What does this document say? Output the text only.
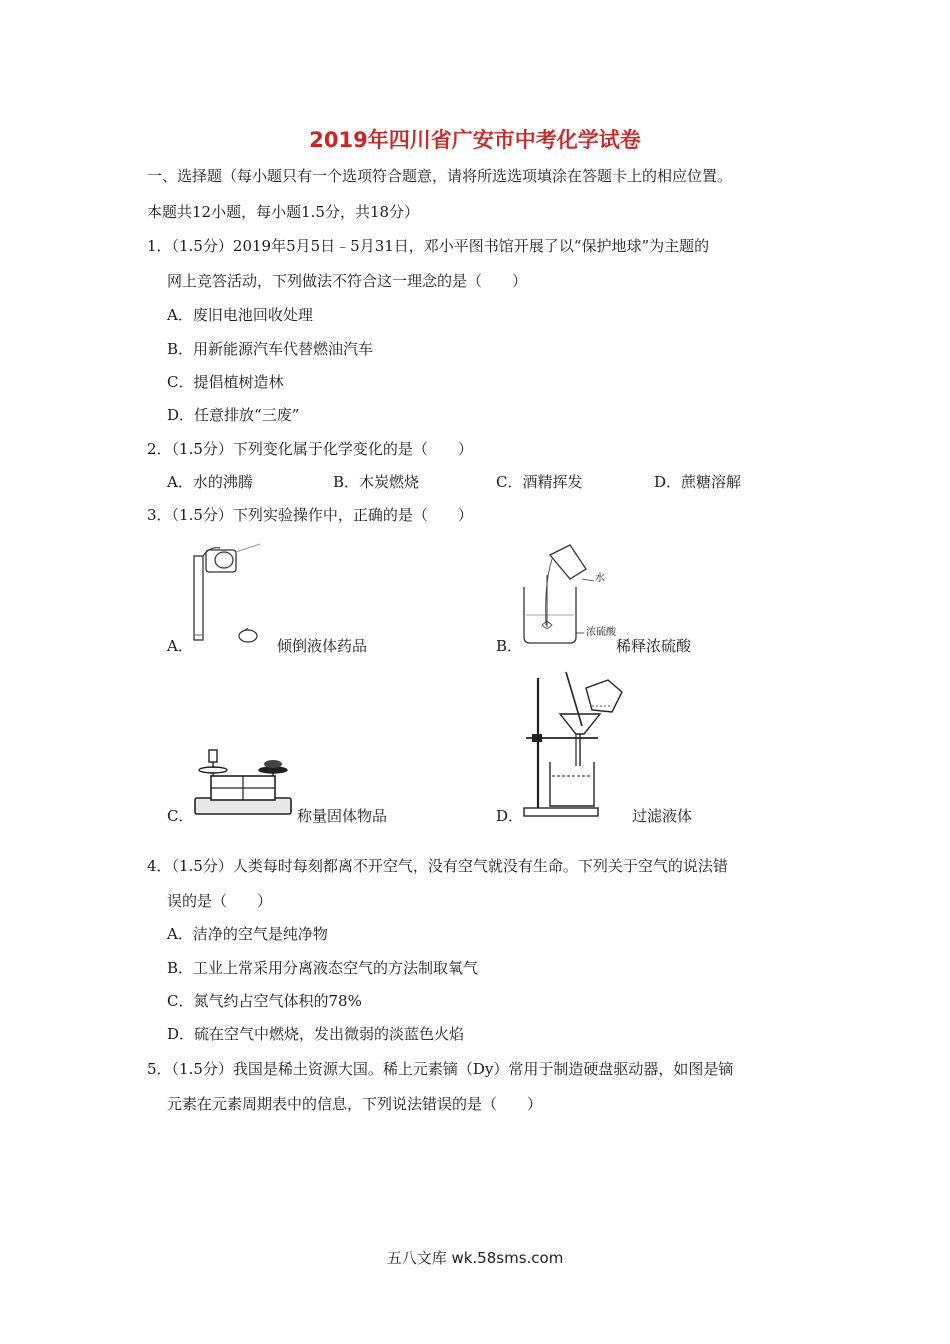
2019年四川省广安市中考化学试卷
一、选择题（每小题只有一个选项符合题意，请将所选选项填涂在答题卡上的相应位置。
本题共12小题，每小题1.5分，共18分）
1．（1.5分）2019年5月5日﹣5月31日，邓小平图书馆开展了以“保护地球”为主题的
网上竞答活动，下列做法不符合这一理念的是（　　）
A．废旧电池回收处理
B．用新能源汽车代替燃油汽车
C．提倡植树造林
D．任意排放“三废”
2．（1.5分）下列变化属于化学变化的是（　　）
A．水的沸腾	B．木炭燃烧	C．酒精挥发	D．蔗糖溶解
3．（1.5分）下列实验操作中，正确的是（　　）
A．	倾倒液体药品
水
浓硫酸
B．	稀释浓硫酸
C．	称量固体物品	D．	过滤液体
4．（1.5分）人类每时每刻都离不开空气，没有空气就没有生命。下列关于空气的说法错
误的是（　　）
A．洁净的空气是纯净物
B．工业上常采用分离液态空气的方法制取氧气
C．氮气约占空气体积的78%
D．硫在空气中燃烧，发出微弱的淡蓝色火焰
5．（1.5分）我国是稀土资源大国。稀上元素镝（Dy）常用于制造硬盘驱动器，如图是镝
元素在元素周期表中的信息，下列说法错误的是（　　）
五八文库 wk.58sms.com
